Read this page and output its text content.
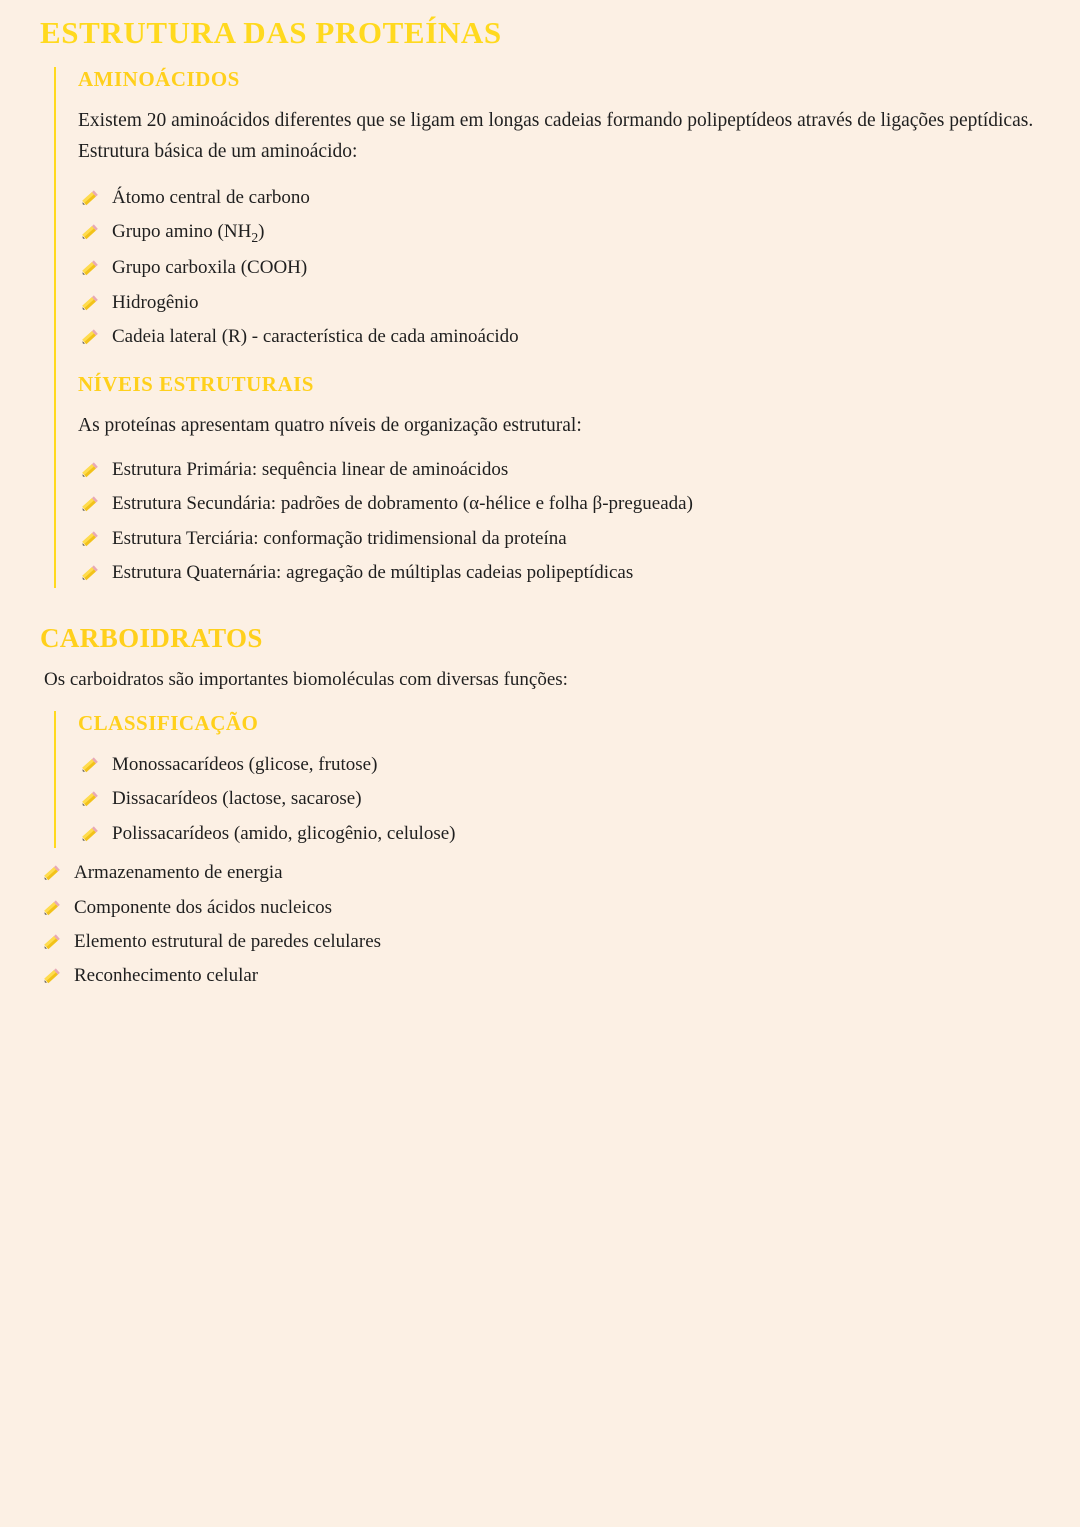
ESTRUTURA DAS PROTEÍNAS
AMINOÁCIDOS

Existem 20 aminoácidos diferentes que se ligam em longas cadeias formando polipeptídeos através de ligações peptídicas. Estrutura básica de um aminoácido:

Átomo central de carbono
Grupo amino $(NH_2)$
Grupo carboxila (COOH)
Hidrogênio
Cadeia lateral (R) - característica de cada aminoácido
NÍVEIS ESTRUTURAIS

As proteínas apresentam quatro níveis de organização estrutural:

Estrutura Primária: sequência linear de aminoácidos
Estrutura Secundária: padrões de dobramento (α-hélice e folha β-pregueada)
Estrutura Terciária: conformação tridimensional da proteína
Estrutura Quaternária: agregação de múltiplas cadeias polipeptídicas
CARBOIDRATOS

Os carboidratos são importantes biomoléculas com diversas funções:

CLASSIFICAÇÃO
Monossacarídeos (glicose, frutose)
Dissacarídeos (lactose, sacarose)
Polissacarídeos (amido, glicogênio, celulose)
Armazenamento de energia
Componente dos ácidos nucleicos
Elemento estrutural de paredes celulares
Reconhecimento celular
